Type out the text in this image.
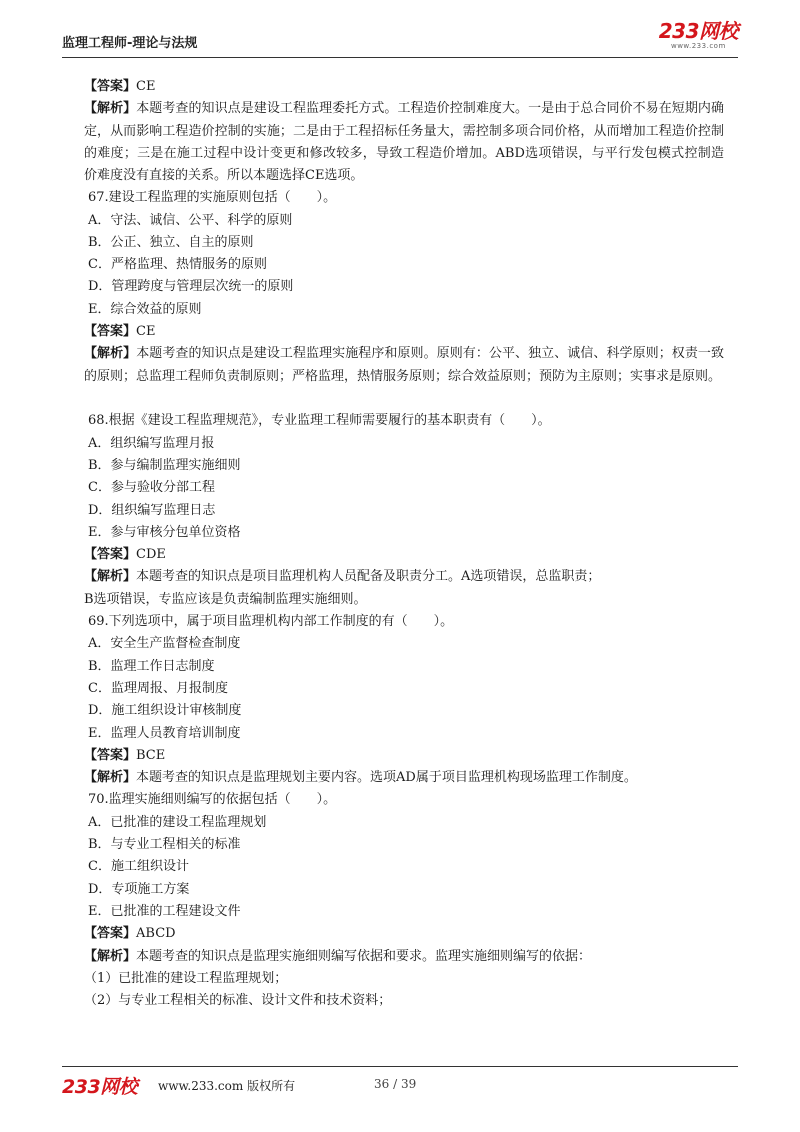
监理工程师-理论与法规
233网校
www.233.com
【答案】CE
【解析】本题考查的知识点是建设工程监理委托方式。工程造价控制难度大。一是由于总合同价不易在短期内确定，从而影响工程造价控制的实施；二是由于工程招标任务量大，需控制多项合同价格，从而增加工程造价控制的难度；三是在施工过程中设计变更和修改较多，导致工程造价增加。ABD选项错误，与平行发包模式控制造价难度没有直接的关系。所以本题选择CE选项。
67.建设工程监理的实施原则包括（　　）。
A．守法、诚信、公平、科学的原则
B．公正、独立、自主的原则
C．严格监理、热情服务的原则
D．管理跨度与管理层次统一的原则
E．综合效益的原则
【答案】CE
【解析】本题考查的知识点是建设工程监理实施程序和原则。原则有：公平、独立、诚信、科学原则；权责一致的原则；总监理工程师负责制原则；严格监理，热情服务原则；综合效益原则；预防为主原则；实事求是原则。
68.根据《建设工程监理规范》，专业监理工程师需要履行的基本职责有（　　）。
A．组织编写监理月报
B．参与编制监理实施细则
C．参与验收分部工程
D．组织编写监理日志
E．参与审核分包单位资格
【答案】CDE
【解析】本题考查的知识点是项目监理机构人员配备及职责分工。A选项错误，总监职责；
B选项错误，专监应该是负责编制监理实施细则。
69.下列选项中，属于项目监理机构内部工作制度的有（　　）。
A．安全生产监督检查制度
B．监理工作日志制度
C．监理周报、月报制度
D．施工组织设计审核制度
E．监理人员教育培训制度
【答案】BCE
【解析】本题考查的知识点是监理规划主要内容。选项AD属于项目监理机构现场监理工作制度。
70.监理实施细则编写的依据包括（　　）。
A．已批准的建设工程监理规划
B．与专业工程相关的标准
C．施工组织设计
D．专项施工方案
E．已批准的工程建设文件
【答案】ABCD
【解析】本题考查的知识点是监理实施细则编写依据和要求。监理实施细则编写的依据：
（1）已批准的建设工程监理规划；
（2）与专业工程相关的标准、设计文件和技术资料；
233网校 www.233.com 版权所有	36 / 39
